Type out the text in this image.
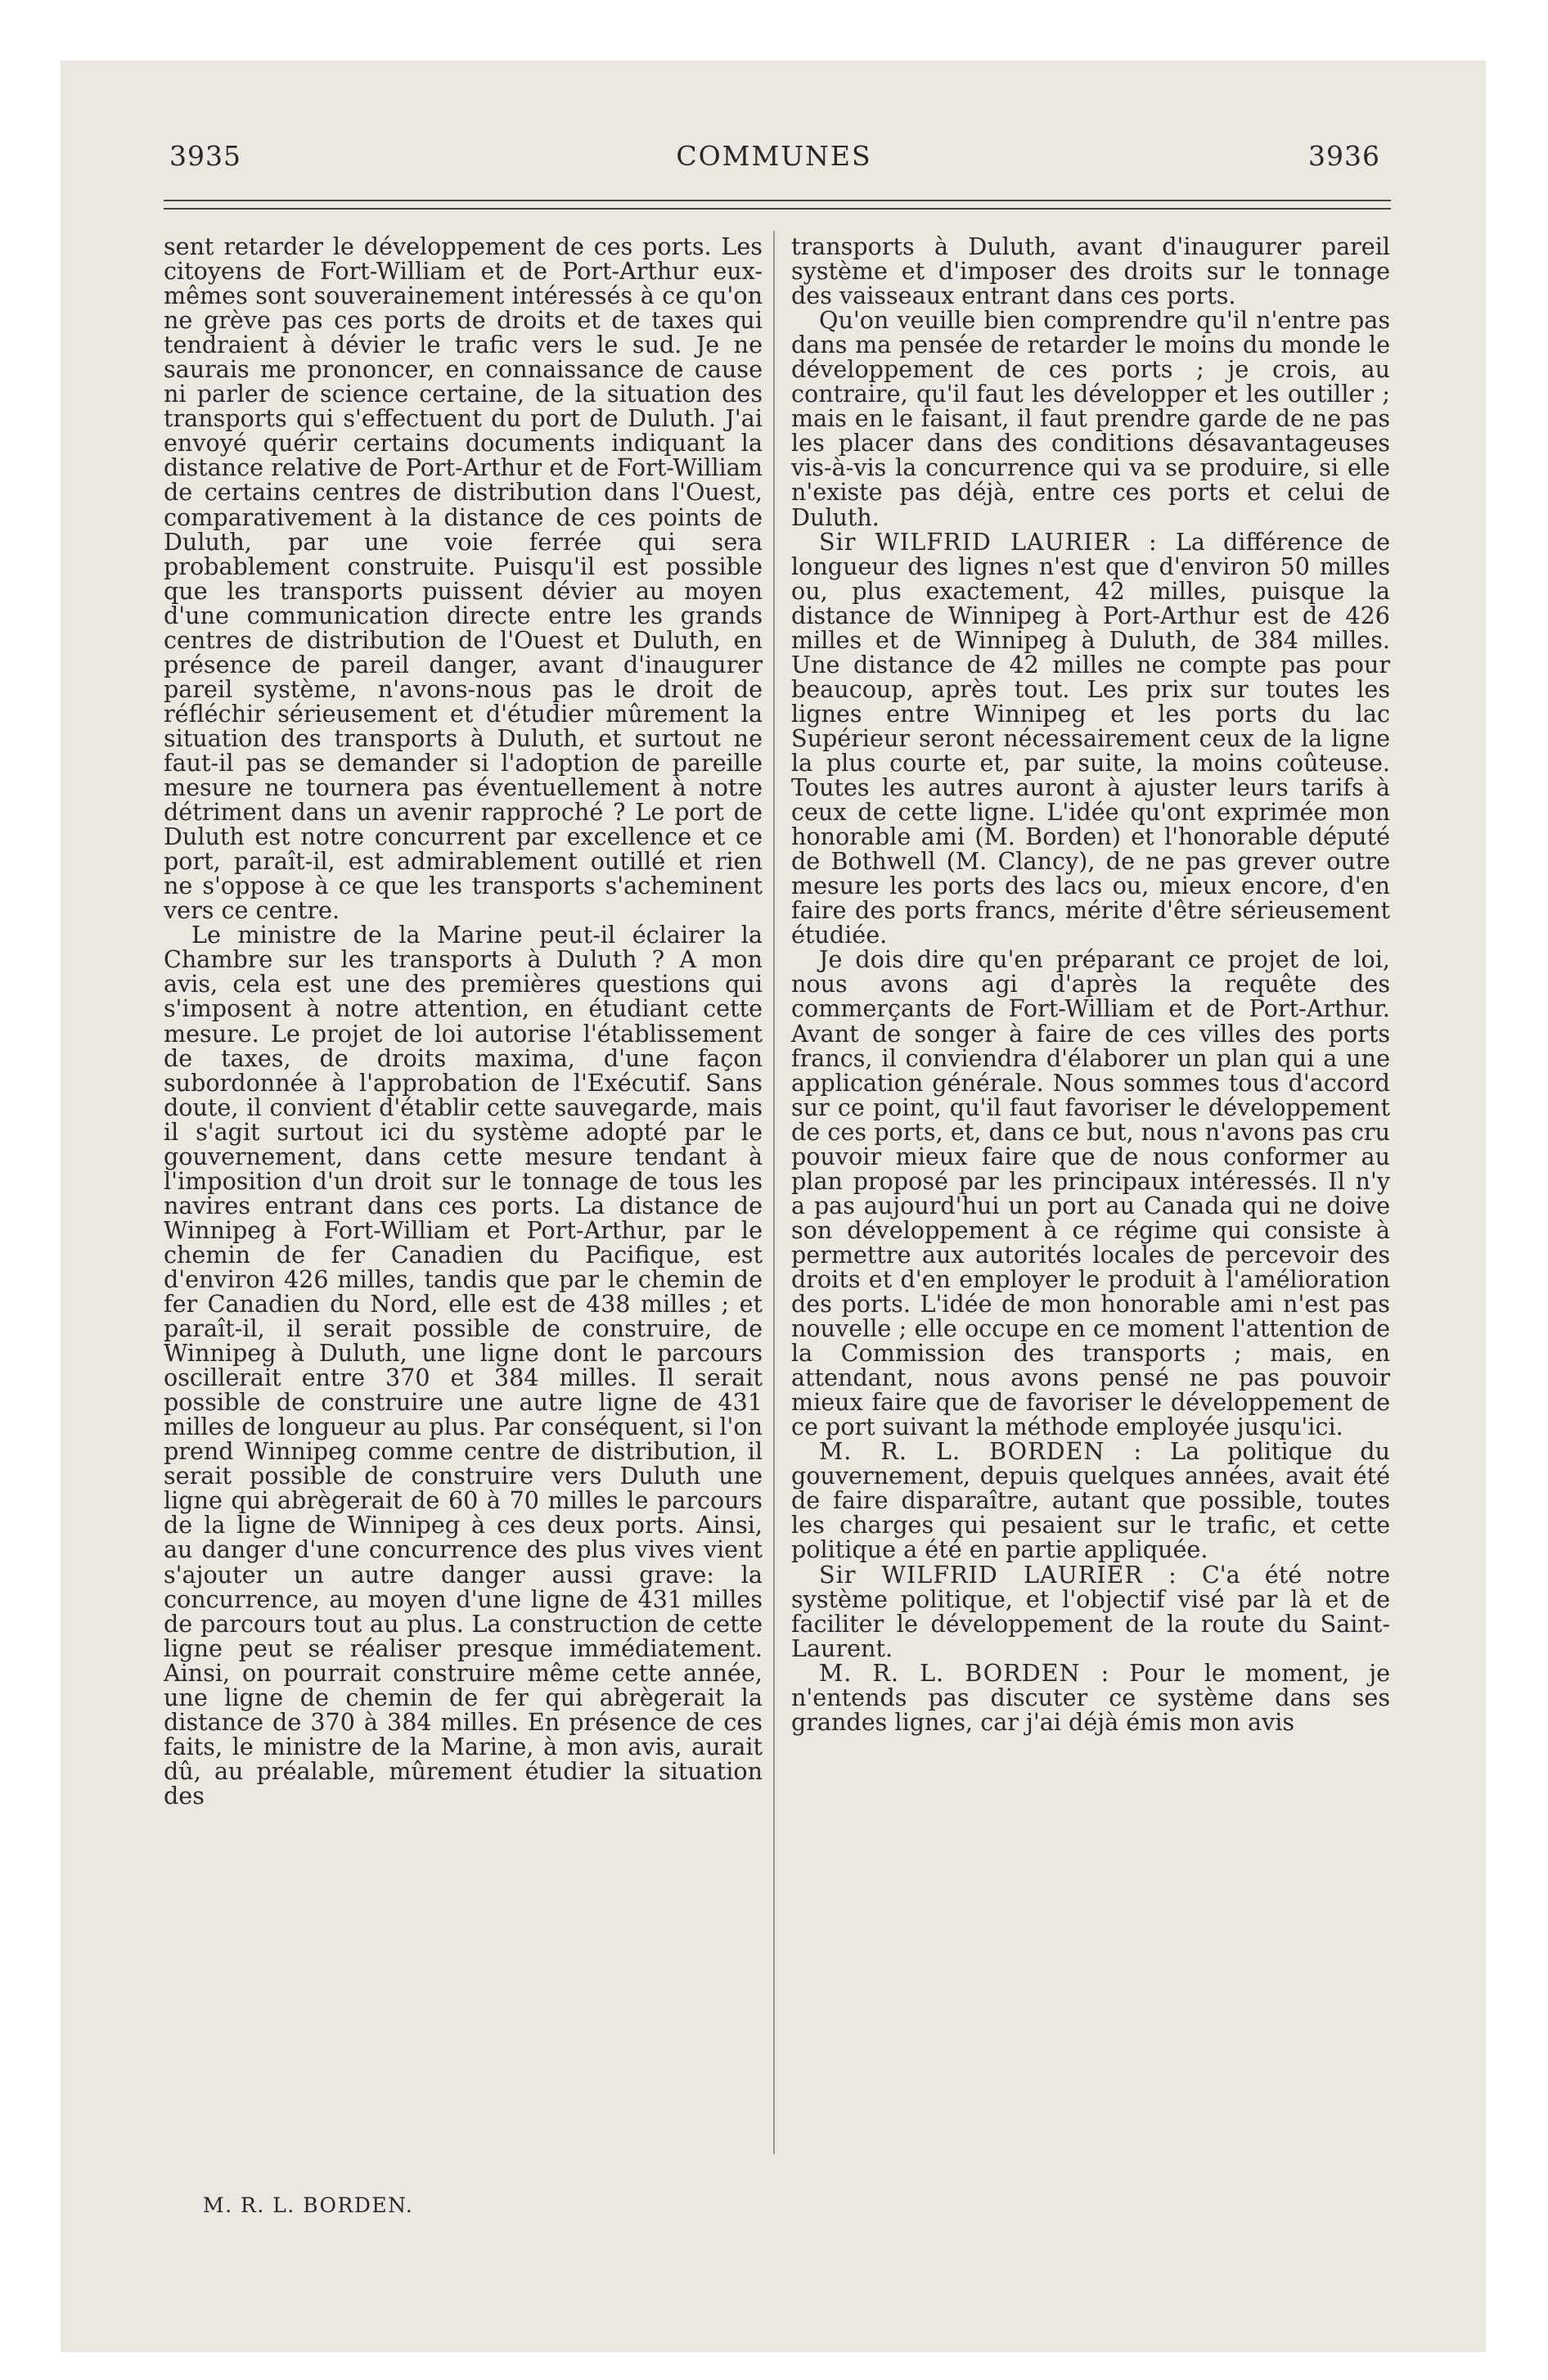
3935	COMMUNES	3936

sent retarder le développement de ces ports. Les citoyens de Fort-William et de Port-Arthur eux-mêmes sont souverainement intéressés à ce qu'on ne grève pas ces ports de droits et de taxes qui tendraient à dévier le trafic vers le sud. Je ne saurais me prononcer, en connaissance de cause ni parler de science certaine, de la situation des transports qui s'effectuent du port de Duluth. J'ai envoyé quérir certains documents indiquant la distance relative de Port-Arthur et de Fort-William de certains centres de distribution dans l'Ouest, comparativement à la distance de ces points de Duluth, par une voie ferrée qui sera probablement construite. Puisqu'il est possible que les transports puissent dévier au moyen d'une communication directe entre les grands centres de distribution de l'Ouest et Duluth, en présence de pareil danger, avant d'inaugurer pareil système, n'avons-nous pas le droit de réfléchir sérieusement et d'étudier mûrement la situation des transports à Duluth, et surtout ne faut-il pas se demander si l'adoption de pareille mesure ne tournera pas éventuellement à notre détriment dans un avenir rapproché ? Le port de Duluth est notre concurrent par excellence et ce port, paraît-il, est admirablement outillé et rien ne s'oppose à ce que les transports s'acheminent vers ce centre.

Le ministre de la Marine peut-il éclairer la Chambre sur les transports à Duluth ? A mon avis, cela est une des premières questions qui s'imposent à notre attention, en étudiant cette mesure. Le projet de loi autorise l'établissement de taxes, de droits maxima, d'une façon subordonnée à l'approbation de l'Exécutif. Sans doute, il convient d'établir cette sauvegarde, mais il s'agit surtout ici du système adopté par le gouvernement, dans cette mesure tendant à l'imposition d'un droit sur le tonnage de tous les navires entrant dans ces ports. La distance de Winnipeg à Fort-William et Port-Arthur, par le chemin de fer Canadien du Pacifique, est d'environ 426 milles, tandis que par le chemin de fer Canadien du Nord, elle est de 438 milles ; et paraît-il, il serait possible de construire, de Winnipeg à Duluth, une ligne dont le parcours oscillerait entre 370 et 384 milles. Il serait possible de construire une autre ligne de 431 milles de longueur au plus. Par conséquent, si l'on prend Winnipeg comme centre de distribution, il serait possible de construire vers Duluth une ligne qui abrègerait de 60 à 70 milles le parcours de la ligne de Winnipeg à ces deux ports. Ainsi, au danger d'une concurrence des plus vives vient s'ajouter un autre danger aussi grave: la concurrence, au moyen d'une ligne de 431 milles de parcours tout au plus. La construction de cette ligne peut se réaliser presque immédiatement. Ainsi, on pourrait construire même cette année, une ligne de chemin de fer qui abrègerait la distance de 370 à 384 milles. En présence de ces faits, le ministre de la Marine, à mon avis, aurait dû, au préalable, mûrement étudier la situation des

transports à Duluth, avant d'inaugurer pareil système et d'imposer des droits sur le tonnage des vaisseaux entrant dans ces ports.

Qu'on veuille bien comprendre qu'il n'entre pas dans ma pensée de retarder le moins du monde le développement de ces ports ; je crois, au contraire, qu'il faut les développer et les outiller ; mais en le faisant, il faut prendre garde de ne pas les placer dans des conditions désavantageuses vis-à-vis la concurrence qui va se produire, si elle n'existe pas déjà, entre ces ports et celui de Duluth.

Sir WILFRID LAURIER : La différence de longueur des lignes n'est que d'environ 50 milles ou, plus exactement, 42 milles, puisque la distance de Winnipeg à Port-Arthur est de 426 milles et de Winnipeg à Duluth, de 384 milles. Une distance de 42 milles ne compte pas pour beaucoup, après tout. Les prix sur toutes les lignes entre Winnipeg et les ports du lac Supérieur seront nécessairement ceux de la ligne la plus courte et, par suite, la moins coûteuse. Toutes les autres auront à ajuster leurs tarifs à ceux de cette ligne. L'idée qu'ont exprimée mon honorable ami (M. Borden) et l'honorable député de Bothwell (M. Clancy), de ne pas grever outre mesure les ports des lacs ou, mieux encore, d'en faire des ports francs, mérite d'être sérieusement étudiée.

Je dois dire qu'en préparant ce projet de loi, nous avons agi d'après la requête des commerçants de Fort-William et de Port-Arthur. Avant de songer à faire de ces villes des ports francs, il conviendra d'élaborer un plan qui a une application générale. Nous sommes tous d'accord sur ce point, qu'il faut favoriser le développement de ces ports, et, dans ce but, nous n'avons pas cru pouvoir mieux faire que de nous conformer au plan proposé par les principaux intéressés. Il n'y a pas aujourd'hui un port au Canada qui ne doive son développement à ce régime qui consiste à permettre aux autorités locales de percevoir des droits et d'en employer le produit à l'amélioration des ports. L'idée de mon honorable ami n'est pas nouvelle ; elle occupe en ce moment l'attention de la Commission des transports ; mais, en attendant, nous avons pensé ne pas pouvoir mieux faire que de favoriser le développement de ce port suivant la méthode employée jusqu'ici.

M. R. L. BORDEN : La politique du gouvernement, depuis quelques années, avait été de faire disparaître, autant que possible, toutes les charges qui pesaient sur le trafic, et cette politique a été en partie appliquée.

Sir WILFRID LAURIER : C'a été notre système politique, et l'objectif visé par là et de faciliter le développement de la route du Saint-Laurent.

M. R. L. BORDEN : Pour le moment, je n'entends pas discuter ce système dans ses grandes lignes, car j'ai déjà émis mon avis

M. R. L. BORDEN.
